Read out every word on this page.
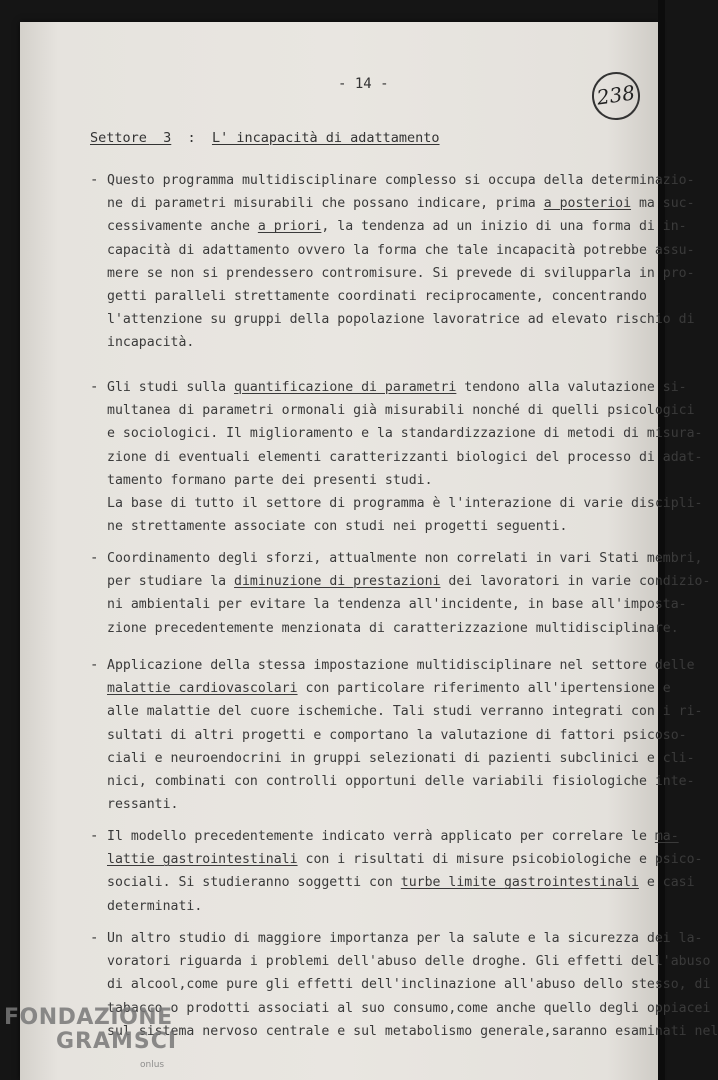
- 14 -	238
Settore  3 : L' incapacità di adattamento
- Questo programma multidisciplinare complesso si occupa della determinazio-
ne di parametri misurabili che possano indicare, prima a posterioi ma suc-
cessivamente anche a priori, la tendenza ad un inizio di una forma di in-
capacità di adattamento ovvero la forma che tale incapacità potrebbe assu-
mere se non si prendessero contromisure. Si prevede di svilupparla in pro-
getti paralleli strettamente coordinati reciprocamente, concentrando
l'attenzione su gruppi della popolazione lavoratrice ad elevato rischio di
incapacità.
- Gli studi sulla quantificazione di parametri tendono alla valutazione si-
multanea di parametri ormonali già misurabili nonché di quelli psicologici
e sociologici. Il miglioramento e la standardizzazione di metodi di misura-
zione di eventuali elementi caratterizzanti biologici del processo di adat-
tamento formano parte dei presenti studi.
La base di tutto il settore di programma è l'interazione di varie discipli-
ne strettamente associate con studi nei progetti seguenti.
- Coordinamento degli sforzi, attualmente non correlati in vari Stati membri,
per studiare la diminuzione di prestazioni dei lavoratori in varie condizio-
ni ambientali per evitare la tendenza all'incidente, in base all'imposta-
zione precedentemente menzionata di caratterizzazione multidisciplinare.
- Applicazione della stessa impostazione multidisciplinare nel settore delle
malattie cardiovascolari con particolare riferimento all'ipertensione e
alle malattie del cuore ischemiche. Tali studi verranno integrati con i ri-
sultati di altri progetti e comportano la valutazione di fattori psicoso-
ciali e neuroendocrini in gruppi selezionati di pazienti subclinici e cli-
nici, combinati con controlli opportuni delle variabili fisiologiche inte-
ressanti.
- Il modello precedentemente indicato verrà applicato per correlare le ma-
lattie gastrointestinali con i risultati di misure psicobiologiche e psico-
sociali. Si studieranno soggetti con turbe limite gastrointestinali e casi
determinati.
- Un altro studio di maggiore importanza per la salute e la sicurezza dei la-
voratori riguarda i problemi dell'abuso delle droghe. Gli effetti dell'abuso
di alcool,come pure gli effetti dell'inclinazione all'abuso dello stesso, di
tabacco o prodotti associati al suo consumo,come anche quello degli oppiacei
sul sistema nervoso centrale e sul metabolismo generale,saranno esaminati nel
FONDAZIONE
GRAMSCI
onlus
